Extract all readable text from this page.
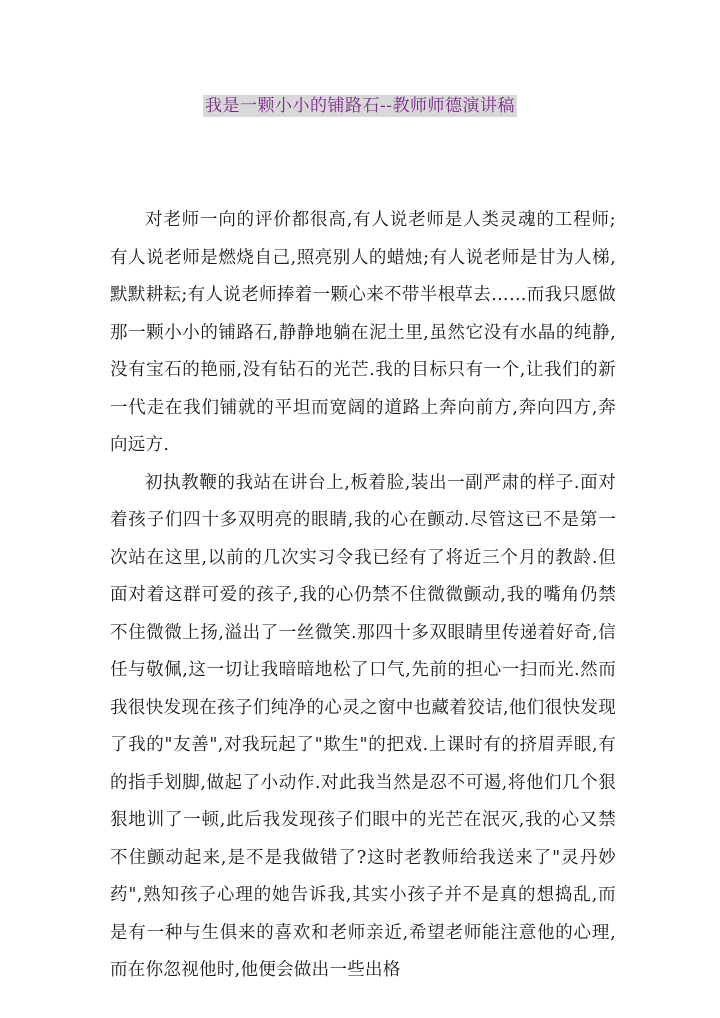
我是一颗小小的铺路石--教师师德演讲稿

对老师一向的评价都很高,有人说老师是人类灵魂的工程师;有人说老师是燃烧自己,照亮别人的蜡烛;有人说老师是甘为人梯,默默耕耘;有人说老师捧着一颗心来不带半根草去……而我只愿做那一颗小小的铺路石,静静地躺在泥土里,虽然它没有水晶的纯静,没有宝石的艳丽,没有钻石的光芒.我的目标只有一个,让我们的新一代走在我们铺就的平坦而宽阔的道路上奔向前方,奔向四方,奔向远方.

初执教鞭的我站在讲台上,板着脸,装出一副严肃的样子.面对着孩子们四十多双明亮的眼睛,我的心在颤动.尽管这已不是第一次站在这里,以前的几次实习令我已经有了将近三个月的教龄.但面对着这群可爱的孩子,我的心仍禁不住微微颤动,我的嘴角仍禁不住微微上扬,溢出了一丝微笑.那四十多双眼睛里传递着好奇,信任与敬佩,这一切让我暗暗地松了口气,先前的担心一扫而光.然而我很快发现在孩子们纯净的心灵之窗中也藏着狡诘,他们很快发现了我的"友善",对我玩起了"欺生"的把戏.上课时有的挤眉弄眼,有的指手划脚,做起了小动作.对此我当然是忍不可遏,将他们几个狠狠地训了一顿,此后我发现孩子们眼中的光芒在泯灭,我的心又禁不住颤动起来,是不是我做错了?这时老教师给我送来了"灵丹妙药",熟知孩子心理的她告诉我,其实小孩子并不是真的想捣乱,而是有一种与生俱来的喜欢和老师亲近,希望老师能注意他的心理,而在你忽视他时,他便会做出一些出格
